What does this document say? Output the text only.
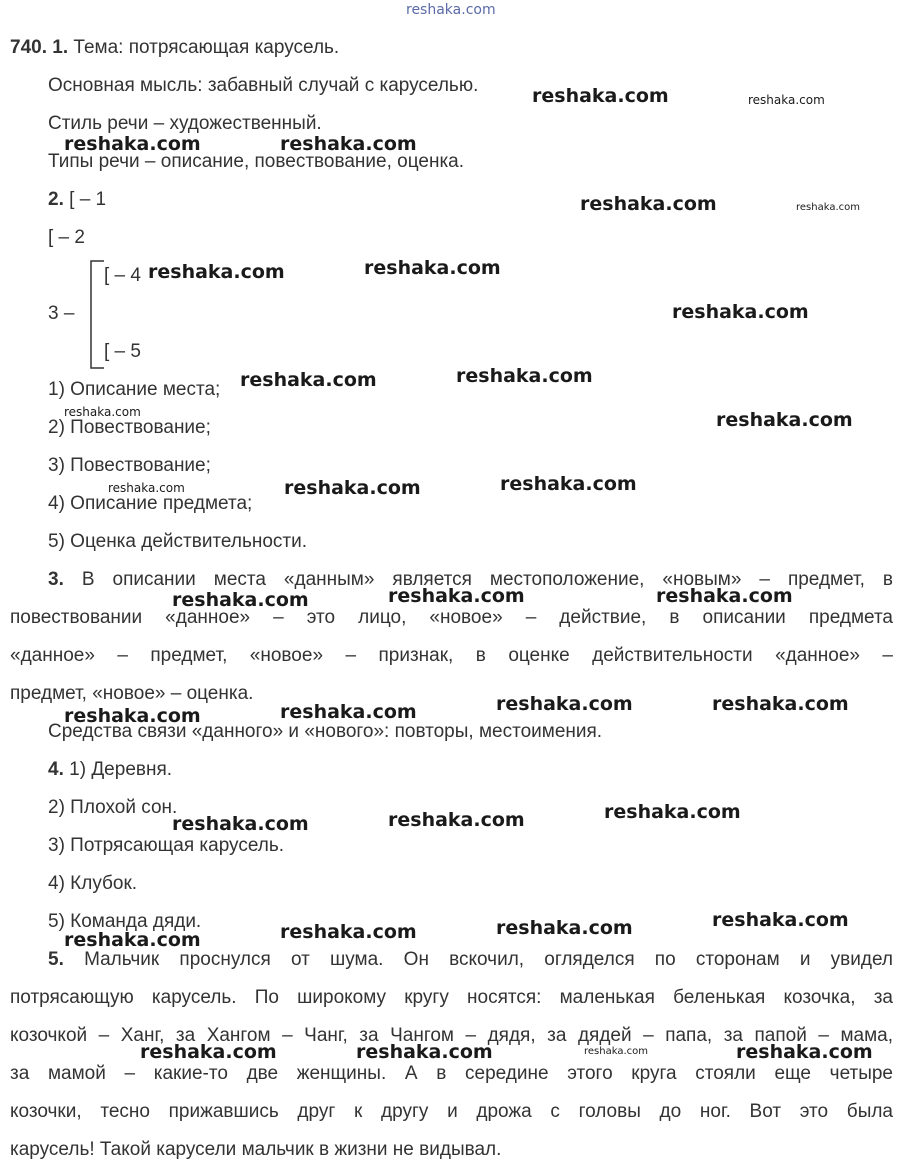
reshaka.com
740. 1. Тема: потрясающая карусель.
Основная мысль: забавный случай с каруселью.
Стиль речи – художественный.
Типы речи – описание, повествование, оценка.
2. [ – 1
[ – 2
3 –
[ – 4
[ – 5
1) Описание места;
2) Повествование;
3) Повествование;
4) Описание предмета;
5) Оценка действительности.
3. В описании места «данным» является местоположение, «новым» – предмет, в
повествовании «данное» – это лицо, «новое» – действие, в описании предмета
«данное» – предмет, «новое» – признак, в оценке действительности «данное» –
предмет, «новое» – оценка.
Средства связи «данного» и «нового»: повторы, местоимения.
4. 1) Деревня.
2) Плохой сон.
3) Потрясающая карусель.
4) Клубок.
5) Команда дяди.
5. Мальчик проснулся от шума. Он вскочил, огляделся по сторонам и увидел
потрясающую карусель. По широкому кругу носятся: маленькая беленькая козочка, за
козочкой – Ханг, за Хангом – Чанг, за Чангом – дядя, за дядей – папа, за папой – мама,
за мамой – какие-то две женщины. А в середине этого круга стояли еще четыре
козочки, тесно прижавшись друг к другу и дрожа с головы до ног. Вот это была
карусель! Такой карусели мальчик в жизни не видывал.
reshaka.com
reshaka.com	reshaka.com
reshaka.com
reshaka.com	reshaka.com
reshaka.com
reshaka.com	reshaka.com
reshaka.com
reshaka.com	reshaka.com
reshaka.com	reshaka.com	reshaka.com
reshaka.com	reshaka.com	reshaka.com	reshaka.com
reshaka.com
reshaka.com	reshaka.com
reshaka.com
reshaka.com
reshaka.com
reshaka.com
reshaka.com	reshaka.com	reshaka.com
reshaka.com
reshaka.com
reshaka.com
reshaka.com
reshaka.com
